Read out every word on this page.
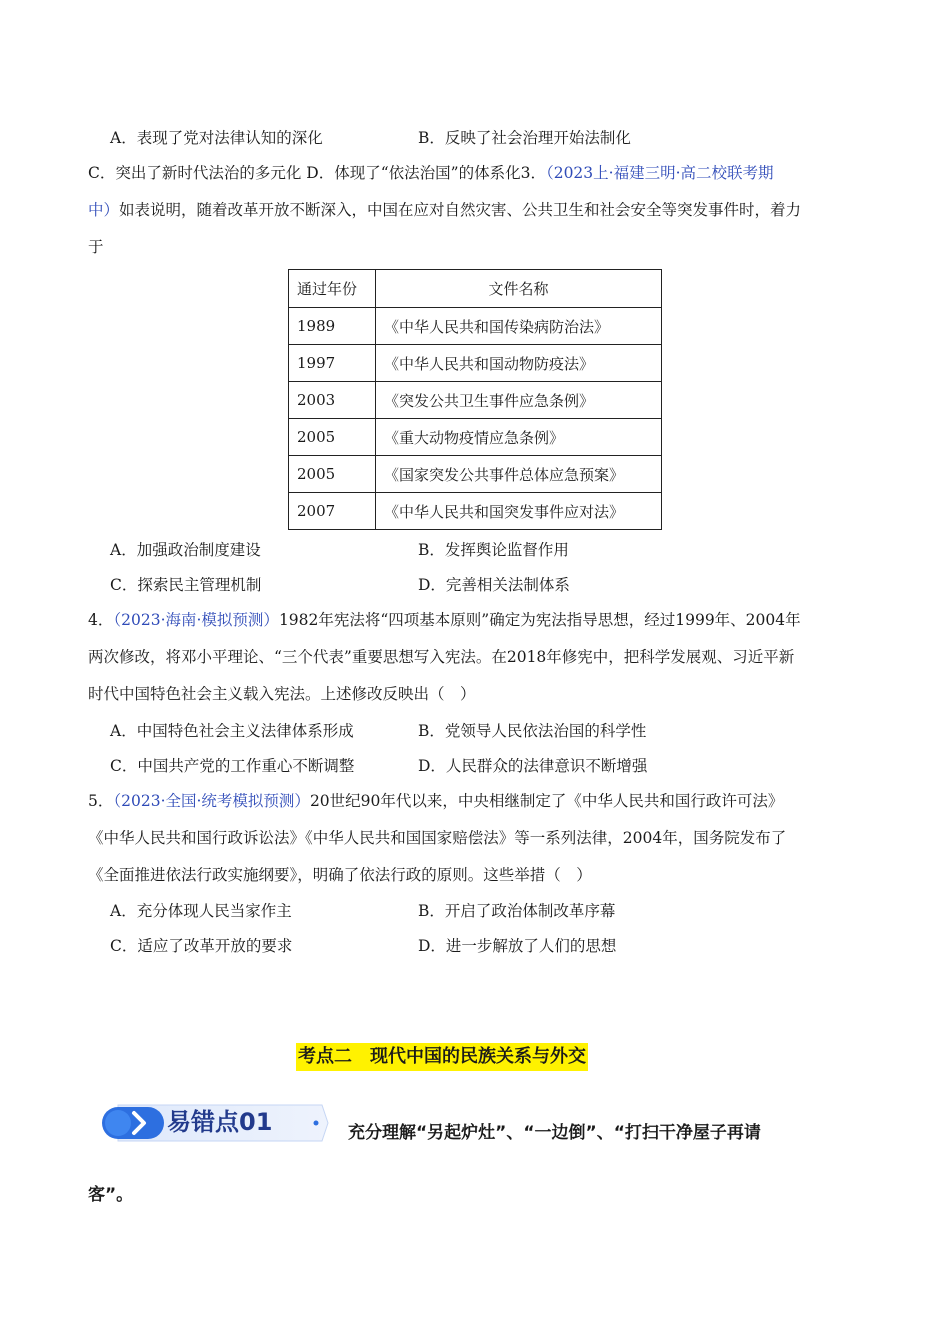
A．表现了党对法律认知的深化	B．反映了社会治理开始法制化
C．突出了新时代法治的多元化 D．体现了“依法治国”的体系化3．（2023上·福建三明·高二校联考期
中）如表说明，随着改革开放不断深入，中国在应对自然灾害、公共卫生和社会安全等突发事件时，着力
于
通过年份	文件名称
1989	《中华人民共和国传染病防治法》
1997	《中华人民共和国动物防疫法》
2003	《突发公共卫生事件应急条例》
2005	《重大动物疫情应急条例》
2005	《国家突发公共事件总体应急预案》
2007	《中华人民共和国突发事件应对法》
A．加强政治制度建设	B．发挥舆论监督作用
C．探索民主管理机制	D．完善相关法制体系
4．（2023·海南·模拟预测）1982年宪法将“四项基本原则”确定为宪法指导思想，经过1999年、2004年
两次修改，将邓小平理论、“三个代表”重要思想写入宪法。在2018年修宪中，把科学发展观、习近平新
时代中国特色社会主义载入宪法。上述修改反映出（　）
A．中国特色社会主义法律体系形成	B．党领导人民依法治国的科学性
C．中国共产党的工作重心不断调整	D．人民群众的法律意识不断增强
5．（2023·全国·统考模拟预测）20世纪90年代以来，中央相继制定了《中华人民共和国行政许可法》
《中华人民共和国行政诉讼法》《中华人民共和国国家赔偿法》等一系列法律，2004年，国务院发布了
《全面推进依法行政实施纲要》，明确了依法行政的原则。这些举措（　）
A．充分体现人民当家作主	B．开启了政治体制改革序幕
C．适应了改革开放的要求	D．进一步解放了人们的思想
考点二　现代中国的民族关系与外交
易错点01	充分理解“另起炉灶”、“一边倒”、“打扫干净屋子再请
客”。
